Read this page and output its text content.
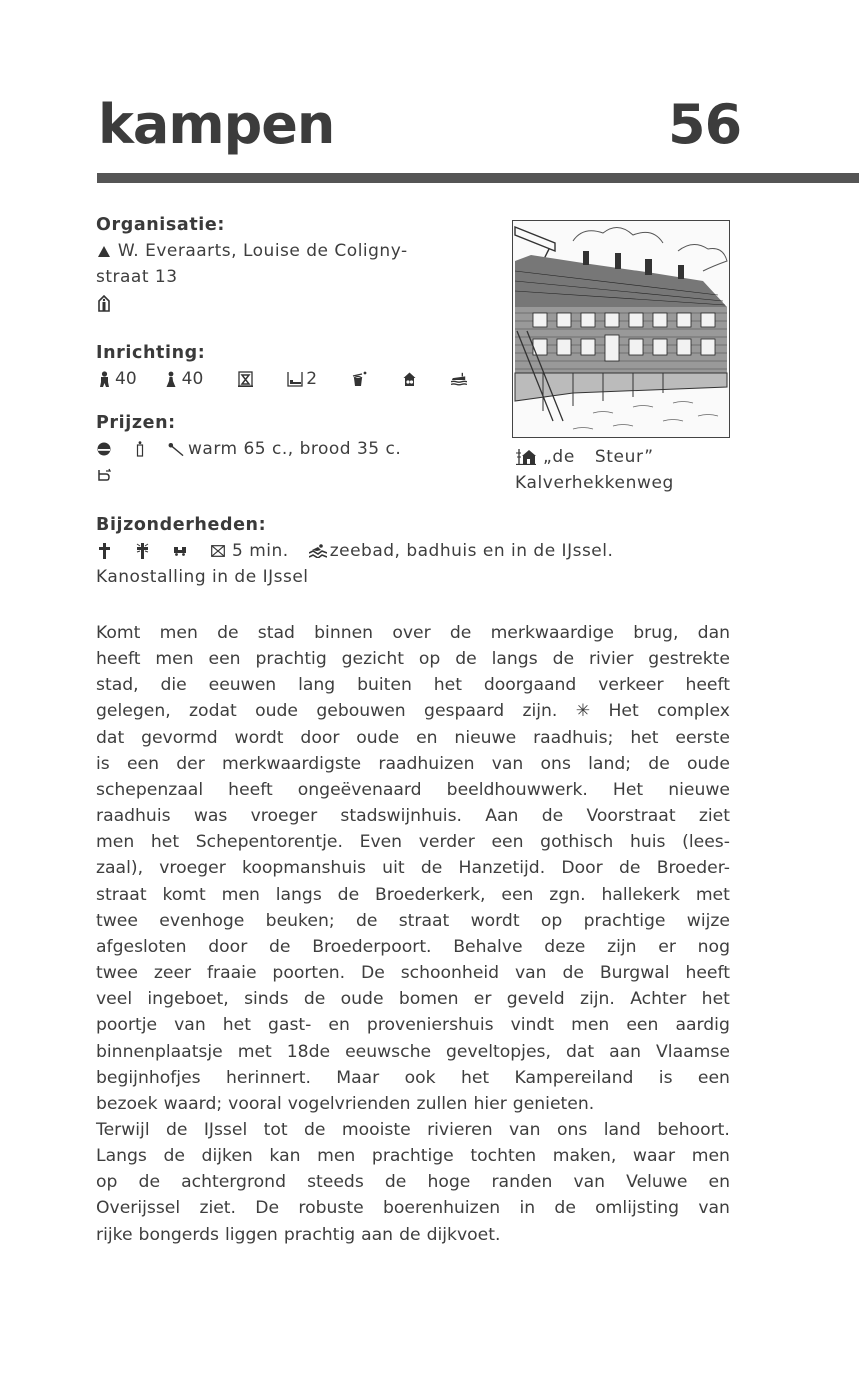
kampen	56
Organisatie:
W. Everaarts, Louise de Coligny-
straat 13
Inrichting:
40	40	2
Prijzen:
warm 65 c., brood 35 c.	„de Steur”
Kalverhekkenweg
Bijzonderheden:
5 min. zeebad, badhuis en in de IJssel.
Kanostalling in de IJssel
Komt men de stad binnen over de merkwaardige brug, dan
heeft men een prachtig gezicht op de langs de rivier gestrekte
stad, die eeuwen lang buiten het doorgaand verkeer heeft
gelegen, zodat oude gebouwen gespaard zijn. ✳ Het complex
dat gevormd wordt door oude en nieuwe raadhuis; het eerste
is een der merkwaardigste raadhuizen van ons land; de oude
schepenzaal heeft ongeëvenaard beeldhouwwerk. Het nieuwe
raadhuis was vroeger stadswijnhuis. Aan de Voorstraat ziet
men het Schepentorentje. Even verder een gothisch huis (lees-
zaal), vroeger koopmanshuis uit de Hanzetijd. Door de Broeder-
straat komt men langs de Broederkerk, een zgn. hallekerk met
twee evenhoge beuken; de straat wordt op prachtige wijze
afgesloten door de Broederpoort. Behalve deze zijn er nog
twee zeer fraaie poorten. De schoonheid van de Burgwal heeft
veel ingeboet, sinds de oude bomen er geveld zijn. Achter het
poortje van het gast- en proveniershuis vindt men een aardig
binnenplaatsje met 18de eeuwsche geveltopjes, dat aan Vlaamse
begijnhofjes herinnert. Maar ook het Kampereiland is een
bezoek waard; vooral vogelvrienden zullen hier genieten.
Terwijl de IJssel tot de mooiste rivieren van ons land behoort.
Langs de dijken kan men prachtige tochten maken, waar men
op de achtergrond steeds de hoge randen van Veluwe en
Overijssel ziet. De robuste boerenhuizen in de omlijsting van
rijke bongerds liggen prachtig aan de dijkvoet.
